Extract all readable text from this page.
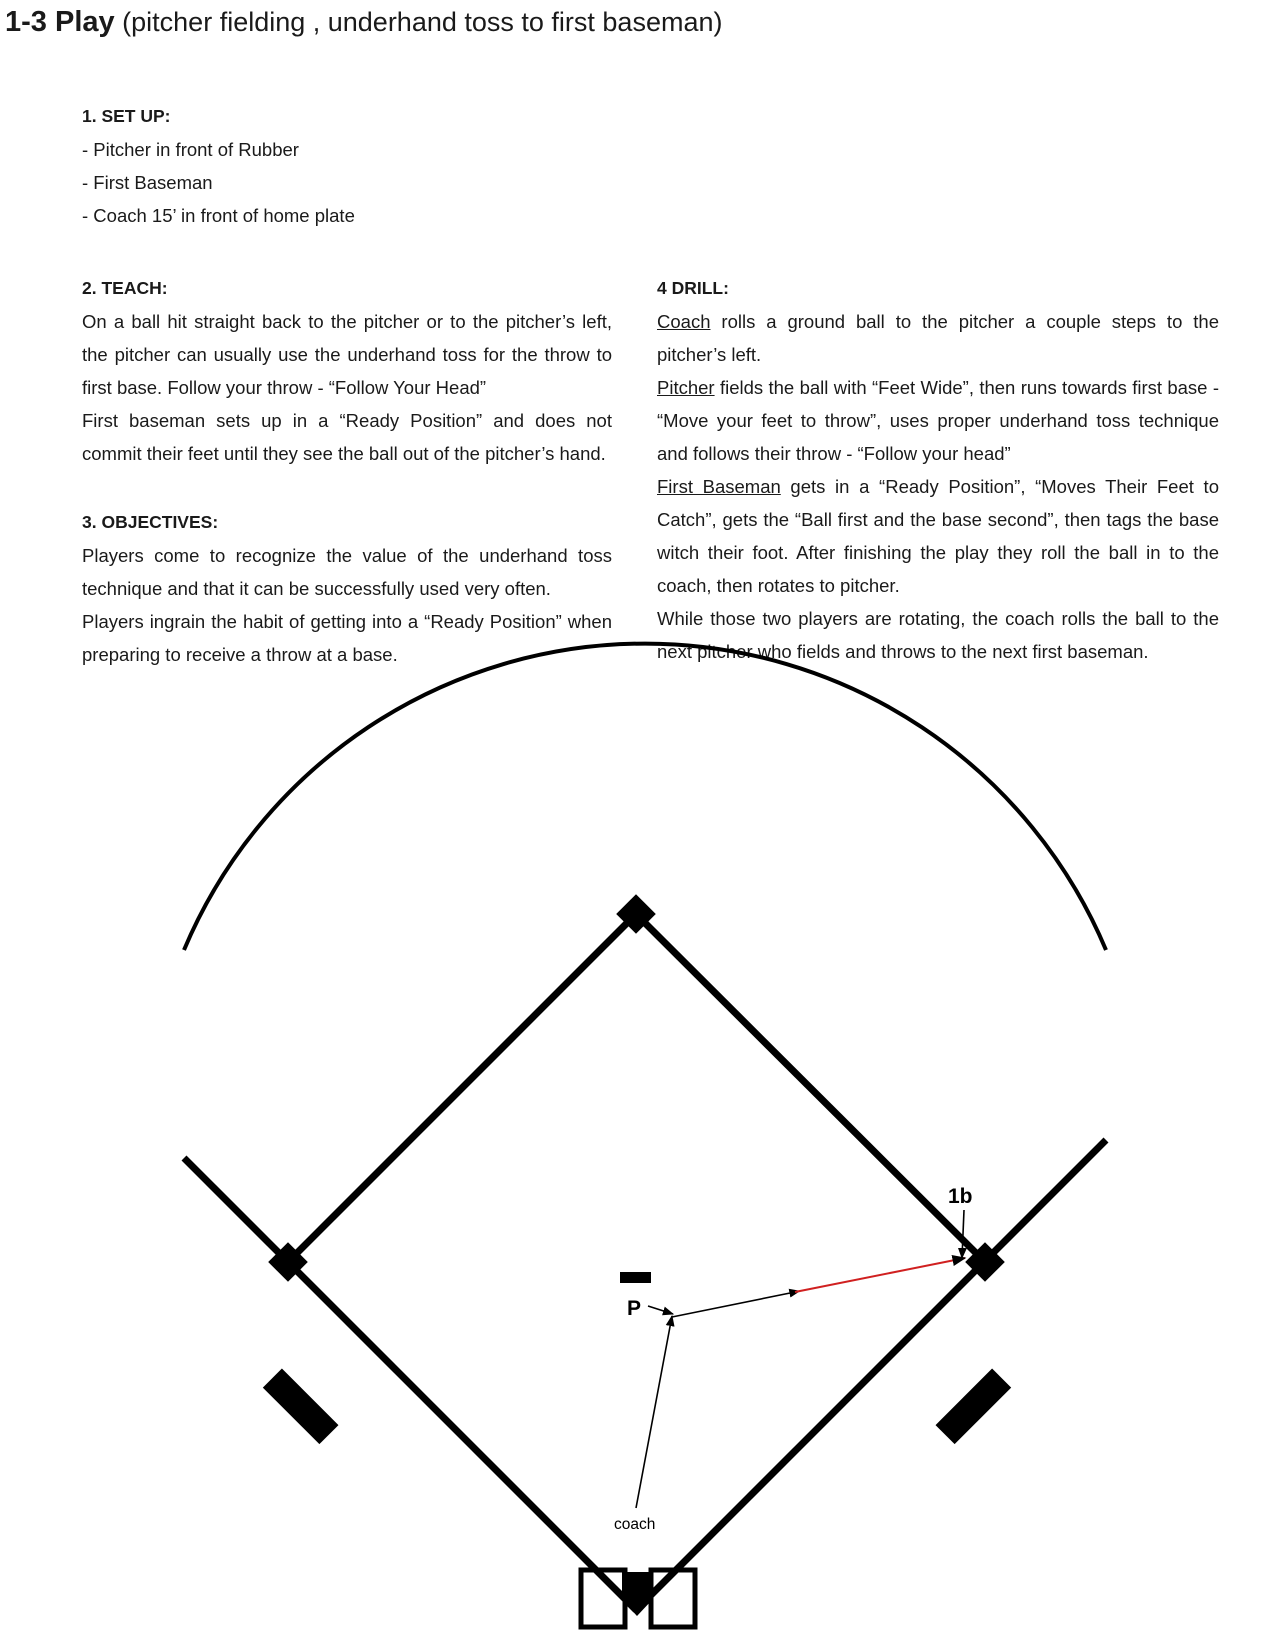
1-3 Play (pitcher fielding , underhand toss to first baseman)
1. SET UP:

- Pitcher in front of Rubber

- First Baseman

- Coach 15’ in front of home plate

2. TEACH:

On a ball hit straight back to the pitcher or to the pitcher’s left, the pitcher can usually use the underhand toss for the throw to first base. Follow your throw - “Follow Your Head”

First baseman sets up in a “Ready Position” and does not commit their feet until they see the ball out of the pitcher’s hand.

3. OBJECTIVES:

Players come to recognize the value of the underhand toss technique and that it can be successfully used very often.

Players ingrain the habit of getting into a “Ready Position” when preparing to receive a throw at a base.

4 DRILL:

Coach rolls a ground ball to the pitcher a couple steps to the pitcher’s left.

Pitcher fields the ball with “Feet Wide”, then runs towards first base - “Move your feet to throw”, uses proper underhand toss technique and follows their throw - “Follow your head”

First Baseman gets in a “Ready Position”, “Moves Their Feet to Catch”, gets the “Ball first and the base second”, then tags the base witch their foot. After finishing the play they roll the ball in to the coach, then rotates to pitcher.

While those two players are rotating, the coach rolls the ball to the next pitcher who fields and throws to the next first baseman.

P
1b
coach
